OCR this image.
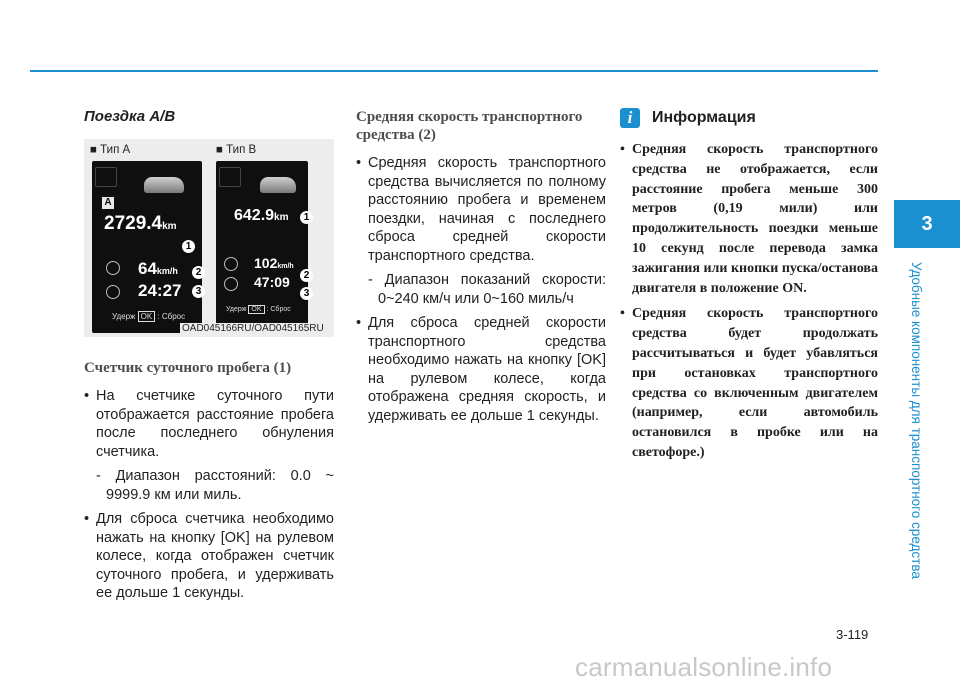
3
Удобные компоненты для транспортного средства
Поездка A/B
■ Тип A
A
2729.4km
64km/h
24:27
Удерж OK : Сброс
1
2
3
■ Тип B
642.9km
102km/h
47:09
Удерж OK : Сброс
1
2
3
OAD045166RU/OAD045165RU
Счетчик суточного пробега (1)
• На счетчике суточного пути отображается расстояние пробега после последнего обнуления счетчика.
- Диапазон расстояний: 0.0 ~ 9999.9 км или миль.
• Для сброса счетчика необходимо нажать на кнопку [OK] на рулевом колесе, когда отображен счетчик суточного пробега, и удерживать ее дольше 1 секунды.
Средняя скорость транспортного средства (2)
• Средняя скорость транспортного средства вычисляется по полному расстоянию пробега и временем поездки, начиная с последнего сброса средней скорости транспортного средства.
- Диапазон показаний скорости: 0~240 км/ч или 0~160 миль/ч
• Для сброса средней скорости транспортного средства необходимо нажать на кнопку [OK] на рулевом колесе, когда отображена средняя скорость, и удерживать ее дольше 1 секунды.
i	Информация
• Средняя скорость транспортного средства не отображается, если расстояние пробега меньше 300 метров (0,19 мили) или продолжительность поездки меньше 10 секунд после перевода замка зажигания или кнопки пуска/останова двигателя в положение ON.
• Средняя скорость транспортного средства будет продолжать рассчитываться и будет убавляться при остановках транспортного средства со включенным двигателем (например, если автомобиль остановился в пробке или на светофоре.)
3-119
carmanualsonline.info
